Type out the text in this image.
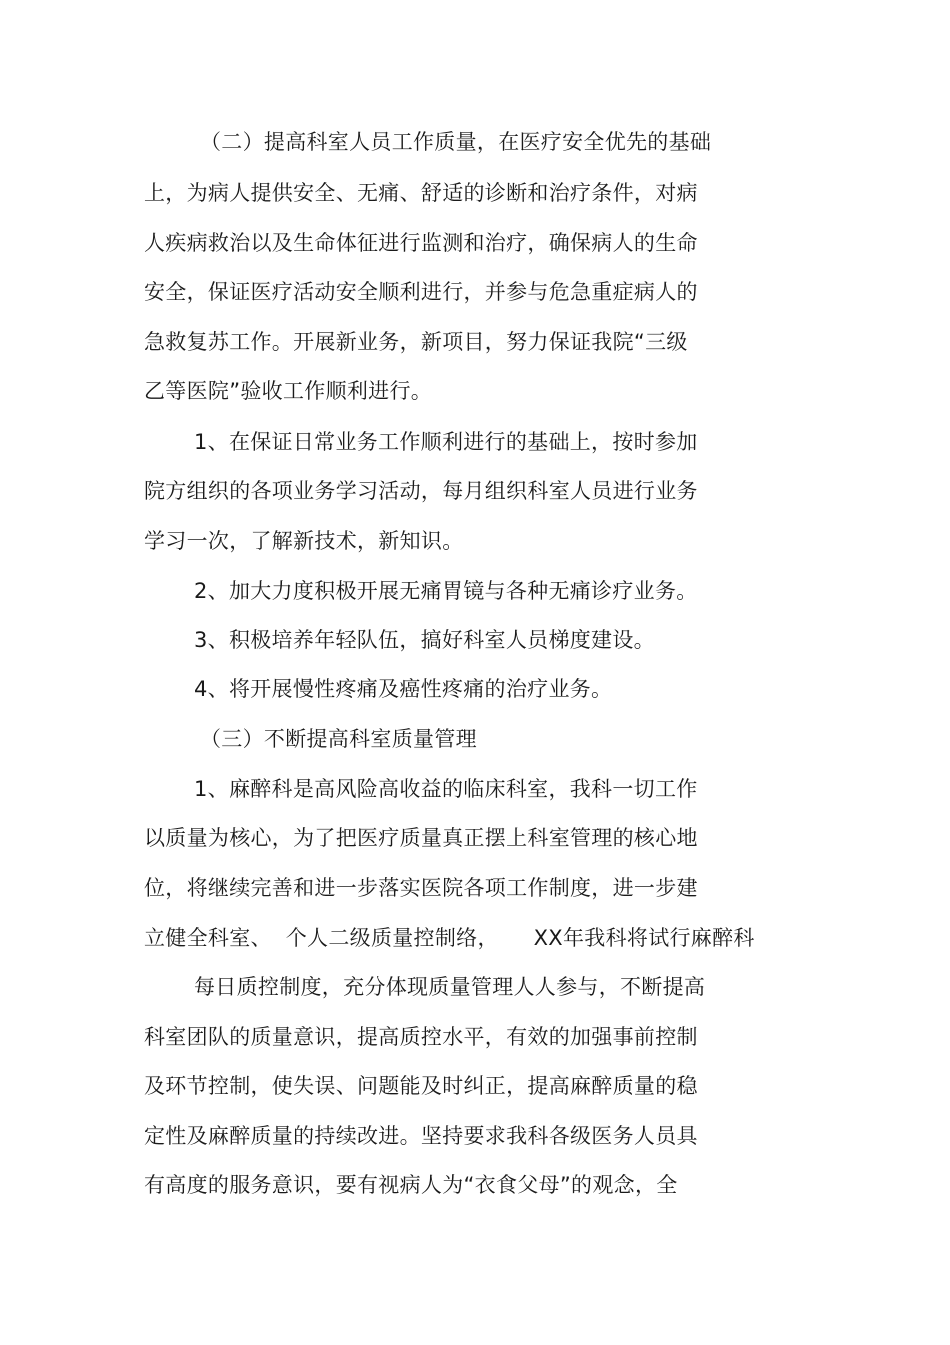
（二）提高科室人员工作质量，在医疗安全优先的基础
上，为病人提供安全、无痛、舒适的诊断和治疗条件，对病
人疾病救治以及生命体征进行监测和治疗，确保病人的生命
安全，保证医疗活动安全顺利进行，并参与危急重症病人的
急救复苏工作。开展新业务，新项目，努力保证我院“三级
乙等医院”验收工作顺利进行。
1、在保证日常业务工作顺利进行的基础上，按时参加
院方组织的各项业务学习活动，每月组织科室人员进行业务
学习一次，了解新技术，新知识。
2、加大力度积极开展无痛胃镜与各种无痛诊疗业务。
3、积极培养年轻队伍，搞好科室人员梯度建设。
4、将开展慢性疼痛及癌性疼痛的治疗业务。
（三）不断提高科室质量管理
1、麻醉科是高风险高收益的临床科室，我科一切工作
以质量为核心，为了把医疗质量真正摆上科室管理的核心地
位，将继续完善和进一步落实医院各项工作制度，进一步建
立健全科室、  个人二级质量控制络，     XX年我科将试行麻醉科
每日质控制度，充分体现质量管理人人参与，不断提高
科室团队的质量意识，提高质控水平，有效的加强事前控制
及环节控制，使失误、问题能及时纠正，提高麻醉质量的稳
定性及麻醉质量的持续改进。坚持要求我科各级医务人员具
有高度的服务意识，要有视病人为“衣食父母”的观念，全
